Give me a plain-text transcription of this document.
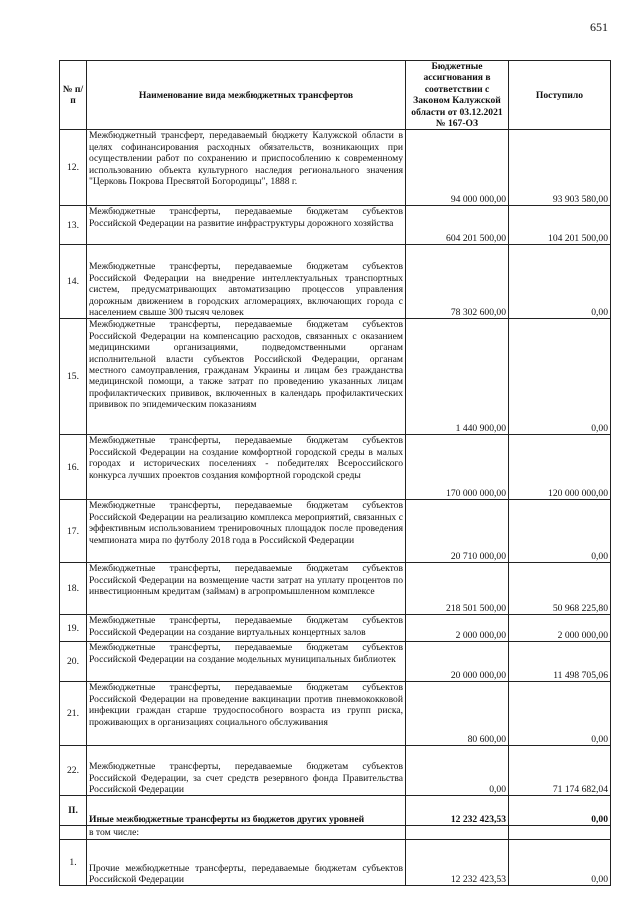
651
№ п/п	Наименование вида межбюджетных трансфертов	Бюджетные ассигнования в соответствии с Законом Калужской области от 03.12.2021 № 167-ОЗ	Поступило
12.	Межбюджетный трансферт, передаваемый бюджету Калужской области в целях софинансирования расходных обязательств, возникающих при осуществлении работ по сохранению и приспособлению к современному использованию объекта культурного наследия регионального значения "Церковь Покрова Пресвятой Богородицы", 1888 г.	94 000 000,00	93 903 580,00
13.	Межбюджетные трансферты, передаваемые бюджетам субъектов Российской Федерации на развитие инфраструктуры дорожного хозяйства	604 201 500,00	104 201 500,00
14.	Межбюджетные трансферты, передаваемые бюджетам субъектов Российской Федерации на внедрение интеллектуальных транспортных систем, предусматривающих автоматизацию процессов управления дорожным движением в городских агломерациях, включающих города с населением свыше 300 тысяч человек	78 302 600,00	0,00
15.	Межбюджетные трансферты, передаваемые бюджетам субъектов Российской Федерации на компенсацию расходов, связанных с оказанием медицинскими организациями, подведомственными органам исполнительной власти субъектов Российской Федерации, органам местного самоуправления, гражданам Украины и лицам без гражданства медицинской помощи, а также затрат по проведению указанных лицам профилактических прививок, включенных в календарь профилактических прививок по эпидемическим показаниям	1 440 900,00	0,00
16.	Межбюджетные трансферты, передаваемые бюджетам субъектов Российской Федерации на создание комфортной городской среды в малых городах и исторических поселениях - победителях Всероссийского конкурса лучших проектов создания комфортной городской среды	170 000 000,00	120 000 000,00
17.	Межбюджетные трансферты, передаваемые бюджетам субъектов Российской Федерации на реализацию комплекса мероприятий, связанных с эффективным использованием тренировочных площадок после проведения чемпионата мира по футболу 2018 года в Российской Федерации	20 710 000,00	0,00
18.	Межбюджетные трансферты, передаваемые бюджетам субъектов Российской Федерации на возмещение части затрат на уплату процентов по инвестиционным кредитам (займам) в агропромышленном комплексе	218 501 500,00	50 968 225,80
19.	Межбюджетные трансферты, передаваемые бюджетам субъектов Российской Федерации на создание виртуальных концертных залов	2 000 000,00	2 000 000,00
20.	Межбюджетные трансферты, передаваемые бюджетам субъектов Российской Федерации на создание модельных муниципальных библиотек	20 000 000,00	11 498 705,06
21.	Межбюджетные трансферты, передаваемые бюджетам субъектов Российской Федерации на проведение вакцинации против пневмококковой инфекции граждан старше трудоспособного возраста из групп риска, проживающих в организациях социального обслуживания	80 600,00	0,00
22.	Межбюджетные трансферты, передаваемые бюджетам субъектов Российской Федерации, за счет средств резервного фонда Правительства Российской Федерации	0,00	71 174 682,04
II.	Иные межбюджетные трансферты из бюджетов других уровней	12 232 423,53	0,00
	в том числе:		
1.	Прочие межбюджетные трансферты, передаваемые бюджетам субъектов Российской Федерации	12 232 423,53	0,00
